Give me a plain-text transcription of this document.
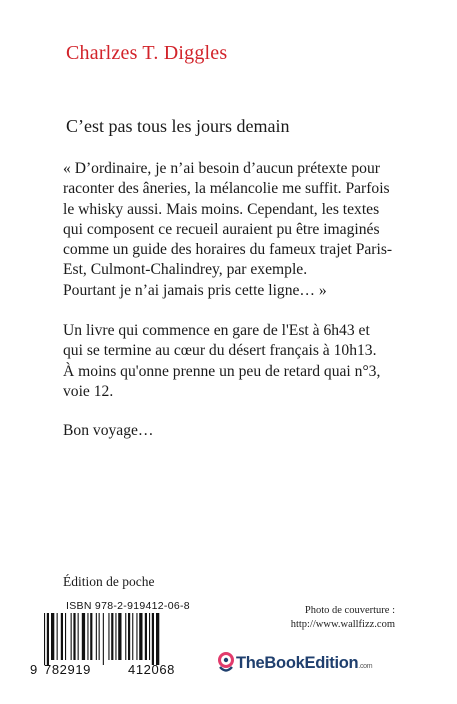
Charlzes T. Diggles
C’est pas tous les jours demain

« D’ordinaire, je n’ai besoin d’aucun prétexte pour

raconter des âneries, la mélancolie me suffit. Parfois

le whisky aussi. Mais moins. Cependant, les textes

qui composent ce recueil auraient pu être imaginés

comme un guide des horaires du fameux trajet Paris-

Est, Culmont-Chalindrey, par exemple.

Pourtant je n’ai jamais pris cette ligne… »

Un livre qui commence en gare de l'Est à 6h43 et

qui se termine au cœur du désert français à 10h13.

À moins qu'onne prenne un peu de retard quai n°3,

voie 12.

Bon voyage…
Édition de poche
ISBN 978-2-919412-06-8
9 782919	412068
Photo de couverture :
http://www.wallfizz.com
TheBookEdition.com
